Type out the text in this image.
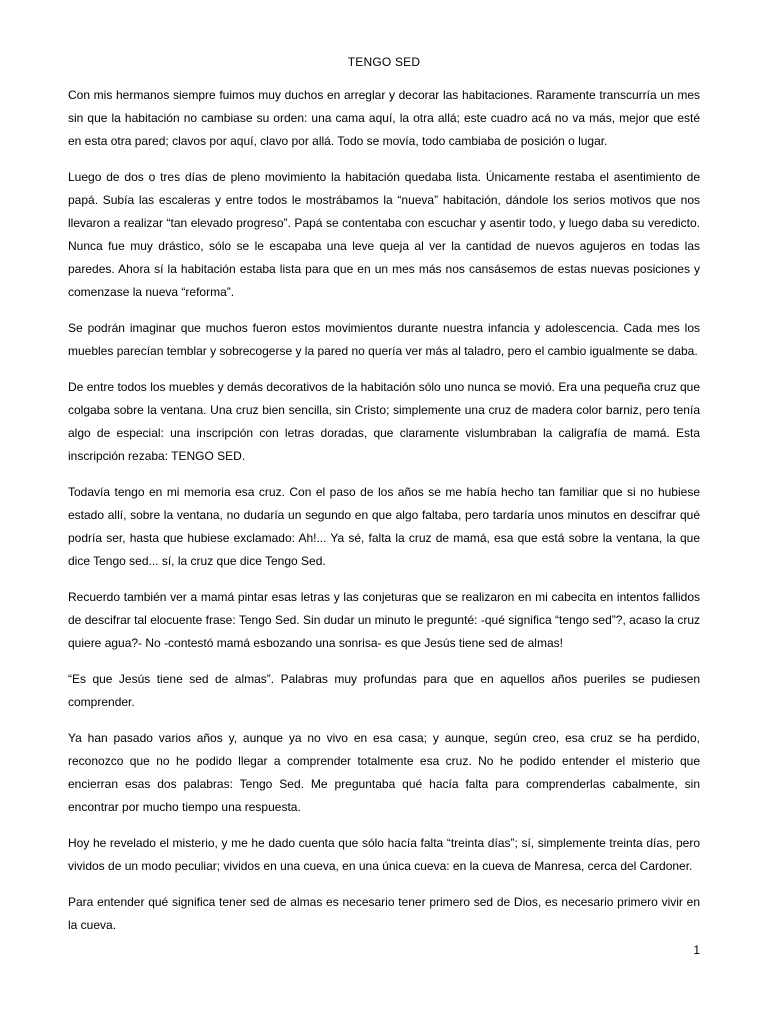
TENGO SED

Con mis hermanos siempre fuimos muy duchos en arreglar y decorar las habitaciones. Raramente transcurría un mes sin que la habitación no cambiase su orden: una cama aquí, la otra allá; este cuadro acá no va más, mejor que esté en esta otra pared; clavos por aquí, clavo por allá. Todo se movía, todo cambiaba de posición o lugar.

Luego de dos o tres días de pleno movimiento la habitación quedaba lista. Únicamente restaba el asentimiento de papá. Subía las escaleras y entre todos le mostrábamos la “nueva” habitación, dándole los serios motivos que nos llevaron a realizar “tan elevado progreso”. Papá se contentaba con escuchar y asentir todo, y luego daba su veredicto. Nunca fue muy drástico, sólo se le escapaba una leve queja al ver la cantidad de nuevos agujeros en todas las paredes. Ahora sí la habitación estaba lista para que en un mes más nos cansásemos de estas nuevas posiciones y comenzase la nueva “reforma”.

Se podrán imaginar que muchos fueron estos movimientos durante nuestra infancia y adolescencia. Cada mes los muebles parecían temblar y sobrecogerse y la pared no quería ver más al taladro, pero el cambio igualmente se daba.

De entre todos los muebles y demás decorativos de la habitación sólo uno nunca se movió. Era una pequeña cruz que colgaba sobre la ventana. Una cruz bien sencilla, sin Cristo; simplemente una cruz de madera color barniz, pero tenía algo de especial: una inscripción con letras doradas, que claramente vislumbraban la caligrafía de mamá. Esta inscripción rezaba: TENGO SED.

Todavía tengo en mi memoria esa cruz. Con el paso de los años se me había hecho tan familiar que si no hubiese estado allí, sobre la ventana, no dudaría un segundo en que algo faltaba, pero tardaría unos minutos en descifrar qué podría ser, hasta que hubiese exclamado: Ah!... Ya sé, falta la cruz de mamá, esa que está sobre la ventana, la que dice Tengo sed... sí, la cruz que dice Tengo Sed.

Recuerdo también ver a mamá pintar esas letras y las conjeturas que se realizaron en mi cabecita en intentos fallidos de descifrar tal elocuente frase: Tengo Sed. Sin dudar un minuto le pregunté: -qué significa “tengo sed”?, acaso la cruz quiere agua?- No -contestó mamá esbozando una sonrisa- es que Jesús tiene sed de almas!

“Es que Jesús tiene sed de almas”. Palabras muy profundas para que en aquellos años pueriles se pudiesen comprender.

Ya han pasado varios años y, aunque ya no vivo en esa casa; y aunque, según creo, esa cruz se ha perdido, reconozco que no he podido llegar a comprender totalmente esa cruz. No he podido entender el misterio que encierran esas dos palabras: Tengo Sed. Me preguntaba qué hacía falta para comprenderlas cabalmente, sin encontrar por mucho tiempo una respuesta.

Hoy he revelado el misterio, y me he dado cuenta que sólo hacía falta “treinta días”; sí, simplemente treinta días, pero vividos de un modo peculiar; vividos en una cueva, en una única cueva: en la cueva de Manresa, cerca del Cardoner.

Para entender qué significa tener sed de almas es necesario tener primero sed de Dios, es necesario primero vivir en la cueva.

1
